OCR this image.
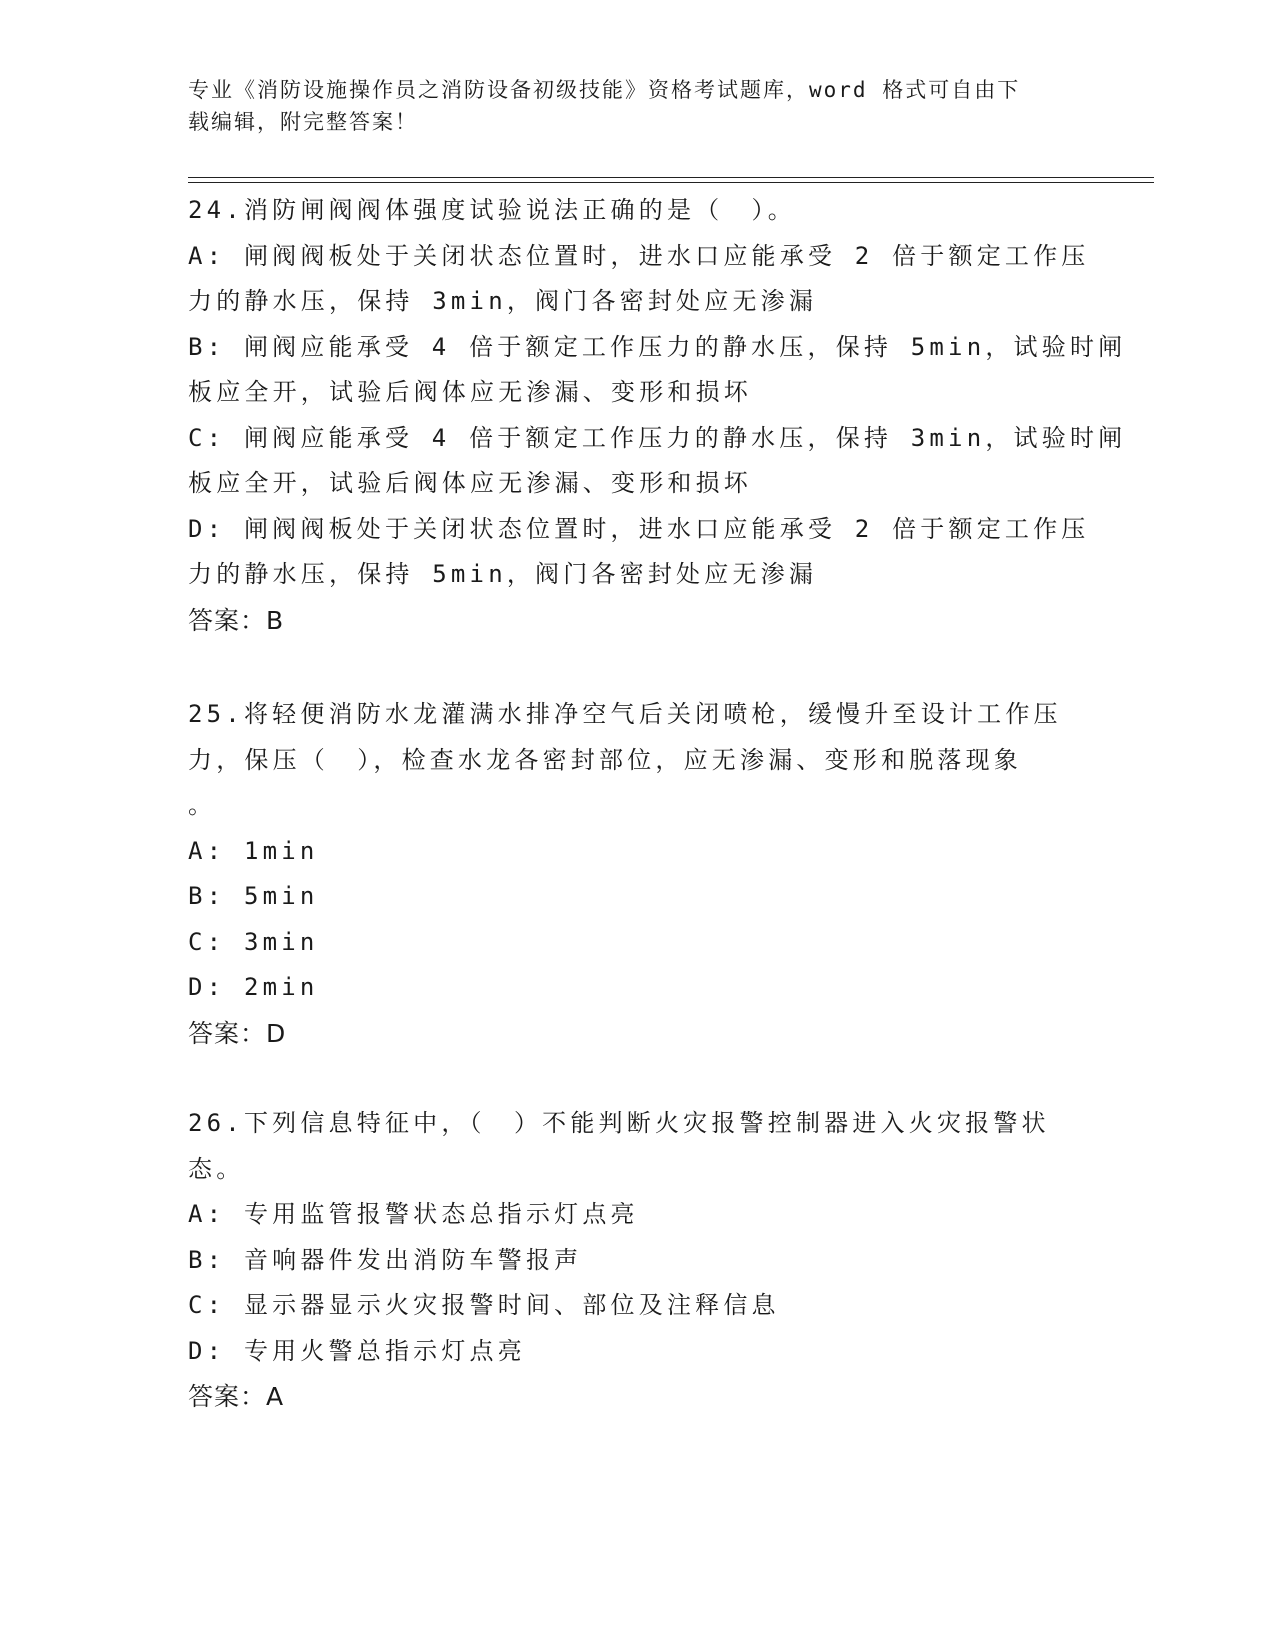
专业《消防设施操作员之消防设备初级技能》资格考试题库，word 格式可自由下
载编辑，附完整答案！
24.消防闸阀阀体强度试验说法正确的是（　）。
A: 闸阀阀板处于关闭状态位置时，进水口应能承受 2 倍于额定工作压
力的静水压，保持 3min，阀门各密封处应无渗漏
B: 闸阀应能承受 4 倍于额定工作压力的静水压，保持 5min，试验时闸
板应全开，试验后阀体应无渗漏、变形和损坏
C: 闸阀应能承受 4 倍于额定工作压力的静水压，保持 3min，试验时闸
板应全开，试验后阀体应无渗漏、变形和损坏
D: 闸阀阀板处于关闭状态位置时，进水口应能承受 2 倍于额定工作压
力的静水压，保持 5min，阀门各密封处应无渗漏
答案：B
25.将轻便消防水龙灌满水排净空气后关闭喷枪，缓慢升至设计工作压
力，保压（　），检查水龙各密封部位，应无渗漏、变形和脱落现象
。
A: 1min
B: 5min
C: 3min
D: 2min
答案：D
26.下列信息特征中，（　）不能判断火灾报警控制器进入火灾报警状
态。
A: 专用监管报警状态总指示灯点亮
B: 音响器件发出消防车警报声
C: 显示器显示火灾报警时间、部位及注释信息
D: 专用火警总指示灯点亮
答案：A
